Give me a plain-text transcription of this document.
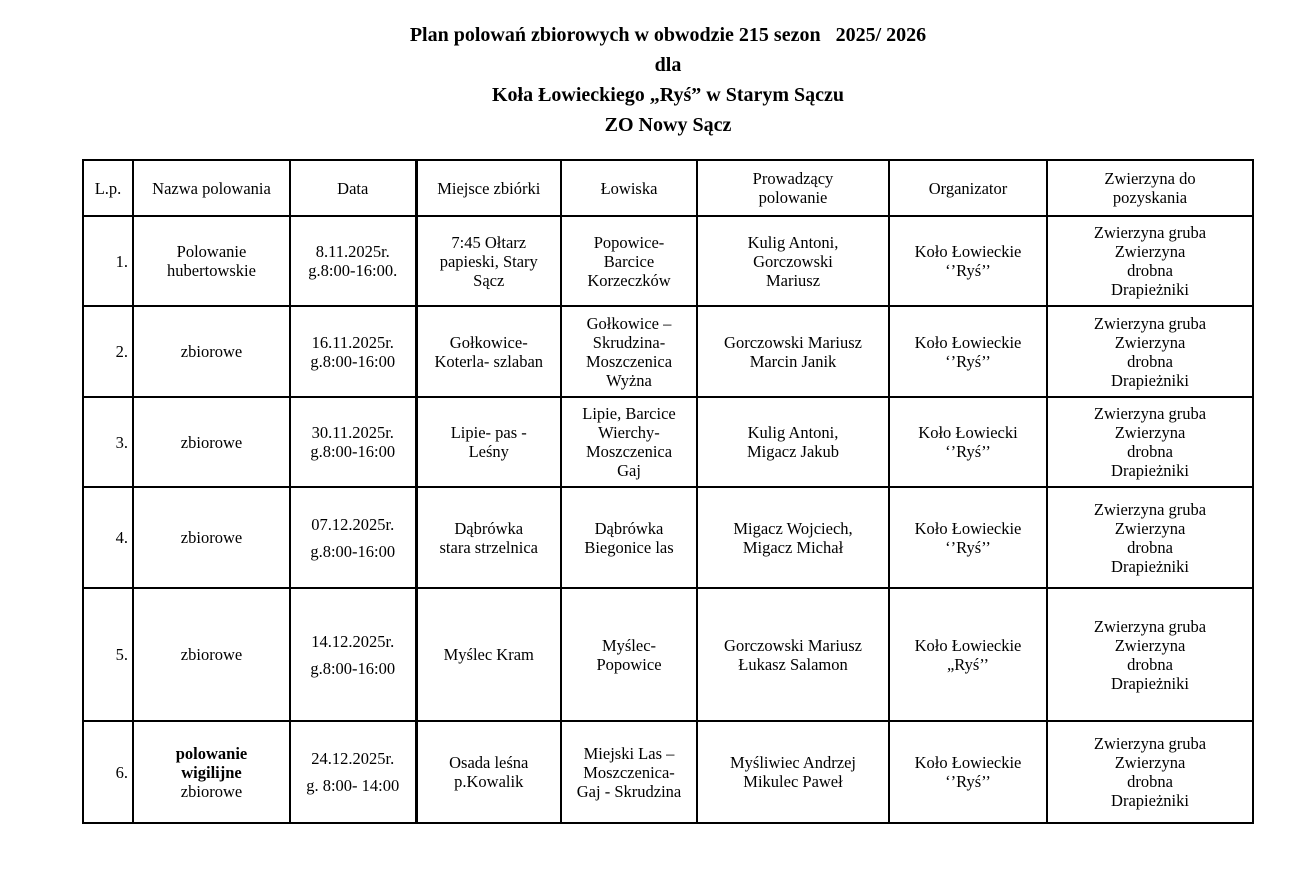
Plan polowań zbiorowych w obwodzie 215 sezon   2025/ 2026
dla
Koła Łowieckiego „Ryś” w Starym Sączu
ZO Nowy Sącz
L.p.	Nazwa polowania	Data	Miejsce zbiórki	Łowiska	Prowadzący
polowanie	Organizator	Zwierzyna do
pozyskania

1.	Polowanie
hubertowskie	8.11.2025r.
g.8:00-16:00.	7:45 Ołtarz
papieski, Stary
Sącz	Popowice-
Barcice
Korzeczków	Kulig Antoni,
Gorczowski
Mariusz	Koło Łowieckie
‘’Ryś’’	Zwierzyna gruba
Zwierzyna
drobna
Drapieżniki

2.	zbiorowe	16.11.2025r.
g.8:00-16:00	Gołkowice-
Koterla- szlaban	Gołkowice –
Skrudzina-
Moszczenica
Wyżna	Gorczowski Mariusz
Marcin Janik	Koło Łowieckie
‘’Ryś’’	Zwierzyna gruba
Zwierzyna
drobna
Drapieżniki

3.	zbiorowe	30.11.2025r.
g.8:00-16:00	Lipie- pas -
Leśny	Lipie, Barcice
Wierchy-
Moszczenica
Gaj	Kulig Antoni,
Migacz Jakub	Koło Łowiecki
‘’Ryś’’	Zwierzyna gruba
Zwierzyna
drobna
Drapieżniki

4.	zbiorowe	07.12.2025r.
g.8:00-16:00	Dąbrówka
stara strzelnica	Dąbrówka
Biegonice las	Migacz Wojciech,
Migacz Michał	Koło Łowieckie
‘’Ryś’’	Zwierzyna gruba
Zwierzyna
drobna
Drapieżniki

5.	zbiorowe	14.12.2025r.
g.8:00-16:00	Myślec Kram	Myślec-
Popowice	Gorczowski Mariusz
Łukasz Salamon	Koło Łowieckie
„Ryś’’	Zwierzyna gruba
Zwierzyna
drobna
Drapieżniki

6.	polowanie
wigilijne
zbiorowe	24.12.2025r.
g. 8:00- 14:00	Osada leśna
p.Kowalik	Miejski Las –
Moszczenica-
Gaj - Skrudzina	Myśliwiec Andrzej
Mikulec Paweł	Koło Łowieckie
‘’Ryś’’	Zwierzyna gruba
Zwierzyna
drobna
Drapieżniki
